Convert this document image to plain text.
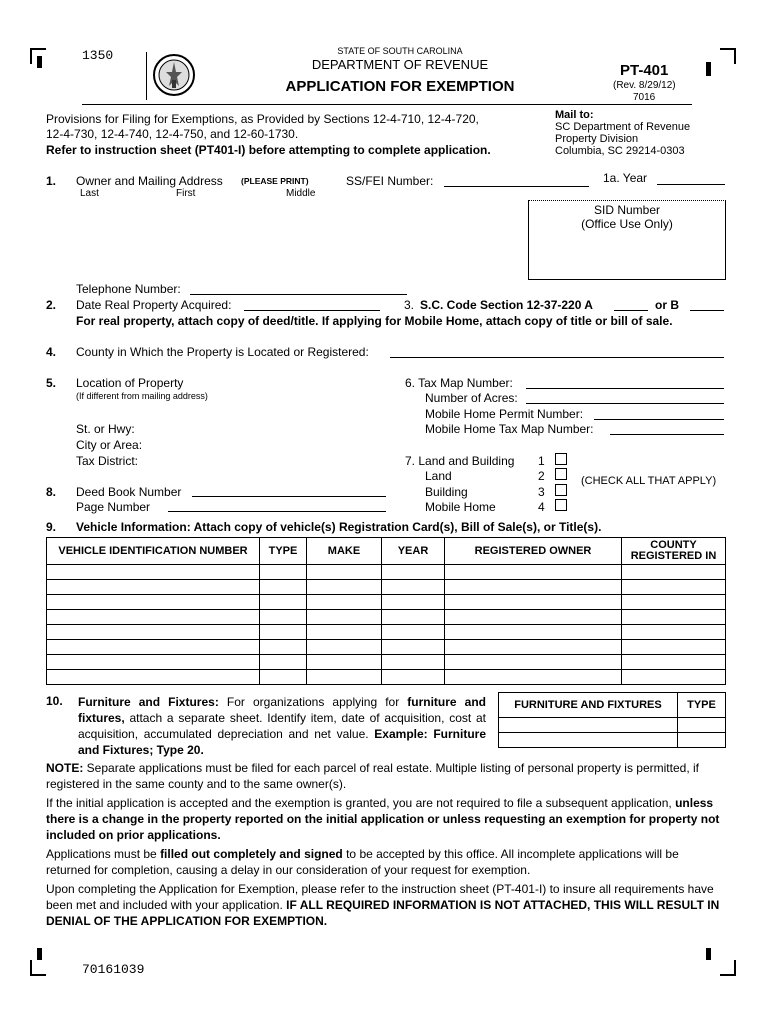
1350	STATE OF SOUTH CAROLINA
DEPARTMENT OF REVENUE
APPLICATION FOR EXEMPTION
PT-401
(Rev. 8/29/12)
7016
Provisions for Filing for Exemptions, as Provided by Sections 12-4-710, 12-4-720,
12-4-730, 12-4-740, 12-4-750, and 12-60-1730.
Refer to instruction sheet (PT401-I) before attempting to complete application.
Mail to:
SC Department of Revenue
Property Division
Columbia, SC 29214-0303
1. Owner and Mailing Address (PLEASE PRINT)	SS/FEI Number:	1a. Year
Last	First	Middle
SID Number
(Office Use Only)
Telephone Number:
2. Date Real Property Acquired:	3. S.C. Code Section 12-37-220 A	or B
For real property, attach copy of deed/title. If applying for Mobile Home, attach copy of title or bill of sale.
4. County in Which the Property is Located or Registered:
5. Location of Property
(If different from mailing address)
St. or Hwy:
City or Area:
Tax District:
6. Tax Map Number:
Number of Acres:
Mobile Home Permit Number:
Mobile Home Tax Map Number:
7. Land and Building
Land
Building
Mobile Home
1
2
3
4
(CHECK ALL THAT APPLY)
8. Deed Book Number
Page Number
9. Vehicle Information: Attach copy of vehicle(s) Registration Card(s), Bill of Sale(s), or Title(s).
VEHICLE IDENTIFICATION NUMBER	TYPE	MAKE	YEAR	REGISTERED OWNER	COUNTY REGISTERED IN

10. Furniture and Fixtures: For organizations applying for furniture and fixtures, attach a separate sheet. Identify item, date of acquisition, cost at acquisition, accumulated depreciation and net value. Example: Furniture and Fixtures; Type 20.
FURNITURE AND FIXTURES	TYPE

NOTE: Separate applications must be filed for each parcel of real estate. Multiple listing of personal property is permitted, if registered in the same county and to the same owner(s).

If the initial application is accepted and the exemption is granted, you are not required to file a subsequent application, unless there is a change in the property reported on the initial application or unless requesting an exemption for property not included on prior applications.

Applications must be filled out completely and signed to be accepted by this office. All incomplete applications will be returned for completion, causing a delay in our consideration of your request for exemption.

Upon completing the Application for Exemption, please refer to the instruction sheet (PT-401-I) to insure all requirements have been met and included with your application. IF ALL REQUIRED INFORMATION IS NOT ATTACHED, THIS WILL RESULT IN DENIAL OF THE APPLICATION FOR EXEMPTION.

70161039
